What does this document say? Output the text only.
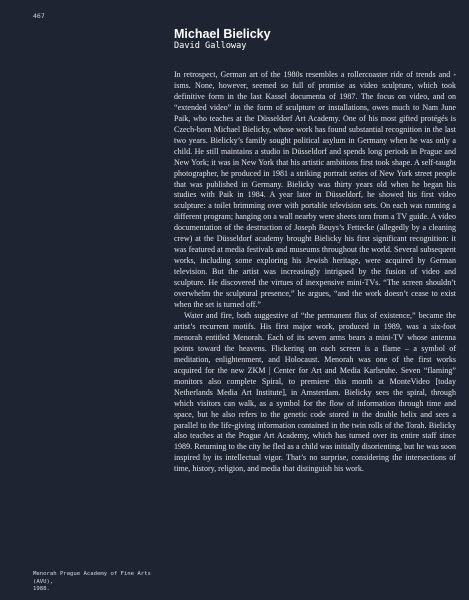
467
Michael Bielicky
David Galloway

In retrospect, German art of the 1980s resembles a rollercoaster ride of trends and -isms. None, however, seemed so full of promise as video sculpture, which took definitive form in the last Kassel documenta of 1987. The focus on video, and on “extended video” in the form of sculpture or installations, owes much to Nam June Paik, who teaches at the Düsseldorf Art Academy. One of his most gifted protégés is Czech-born Michael Bielicky, whose work has found substantial recognition in the last two years. Bielicky’s family sought political asylum in Germany when he was only a child. He still maintains a studio in Düsseldorf and spends long periods in Prague and New York; it was in New York that his artistic ambitions first took shape. A self-taught photographer, he produced in 1981 a striking portrait series of New York street people that was published in Germany. Bielicky was thirty years old when he began his studies with Paik in 1984. A year later in Düsseldorf, he showed his first video sculpture: a toilet brimming over with portable television sets. On each was running a different program; hanging on a wall nearby were sheets torn from a TV guide. A video documentation of the destruction of Joseph Beuys’s Fettecke (allegedly by a cleaning crew) at the Düsseldorf academy brought Bielicky his first significant recognition: it was featured at media festivals and museums throughout the world. Several subsequent works, including some exploring his Jewish heritage, were acquired by German television. But the artist was increasingly intrigued by the fusion of video and sculpture. He discovered the virtues of inexpensive mini-TVs. “The screen shouldn’t overwhelm the sculptural presence,” he argues, “and the work doesn’t cease to exist when the set is turned off.”

Water and fire, both suggestive of “the permanent flux of existence,” became the artist’s recurrent motifs. His first major work, produced in 1989, was a six-foot menorah entitled Menorah. Each of its seven arms bears a mini-TV whose antenna points toward the heavens. Flickering on each screen is a flame – a symbol of meditation, enlightenment, and Holocaust. Menorah was one of the first works acquired for the new ZKM | Center for Art and Media Karlsruhe. Seven “flaming” monitors also complete Spiral, to premiere this month at MonteVideo [today Netherlands Media Art Institute], in Amsterdam. Bielicky sees the spiral, through which visitors can walk, as a symbol for the flow of information through time and space, but he also refers to the genetic code stored in the double helix and sees a parallel to the life-giving information contained in the twin rolls of the Torah. Bielicky also teaches at the Prague Art Academy, which has turned over its entire staff since 1989. Returning to the city he fled as a child was initially disorienting, but he was soon inspired by its intellectual vigor. That’s no surprise, considering the intersections of time, history, religion, and media that distinguish his work.

Menorah Prague Academy of Fine Arts (AVU),
1988.
